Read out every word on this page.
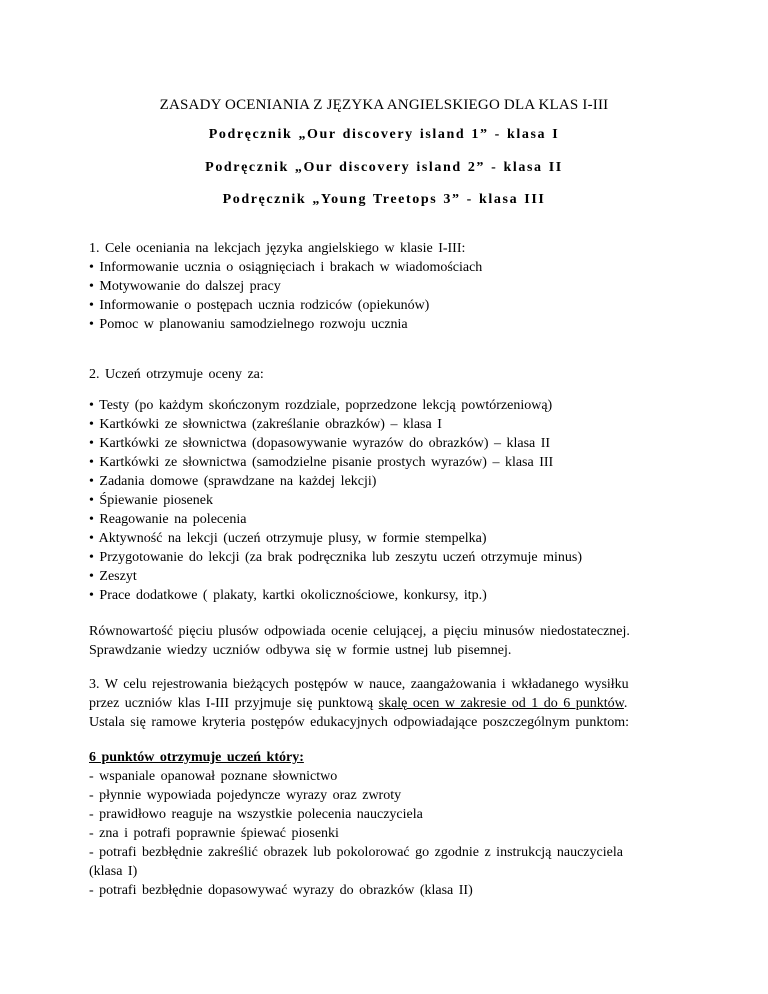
ZASADY OCENIANIA Z JĘZYKA ANGIELSKIEGO DLA KLAS I-III
Podręcznik „Our discovery island 1” - klasa I
Podręcznik „Our discovery island 2” - klasa II
Podręcznik „Young Treetops 3” - klasa III
1. Cele oceniania na lekcjach języka angielskiego w klasie I-III:
• Informowanie ucznia o osiągnięciach i brakach w wiadomościach
• Motywowanie do dalszej pracy
• Informowanie o postępach ucznia rodziców (opiekunów)
• Pomoc w planowaniu samodzielnego rozwoju ucznia
2. Uczeń otrzymuje oceny za:
• Testy (po każdym skończonym rozdziale, poprzedzone lekcją powtórzeniową)
• Kartkówki ze słownictwa (zakreślanie obrazków) – klasa I
• Kartkówki ze słownictwa (dopasowywanie wyrazów do obrazków) – klasa II
• Kartkówki ze słownictwa (samodzielne pisanie prostych wyrazów) – klasa III
• Zadania domowe (sprawdzane na każdej lekcji)
• Śpiewanie piosenek
• Reagowanie na polecenia
• Aktywność na lekcji (uczeń otrzymuje plusy, w formie stempelka)
• Przygotowanie do lekcji (za brak podręcznika lub zeszytu uczeń otrzymuje minus)
• Zeszyt
• Prace dodatkowe ( plakaty, kartki okolicznościowe, konkursy, itp.)
Równowartość pięciu plusów odpowiada ocenie celującej, a pięciu minusów niedostatecznej.
Sprawdzanie wiedzy uczniów odbywa się w formie ustnej lub pisemnej.
3. W celu rejestrowania bieżących postępów w nauce, zaangażowania i wkładanego wysiłku
przez uczniów klas I-III przyjmuje się punktową skalę ocen w zakresie od 1 do 6 punktów.
Ustala się ramowe kryteria postępów edukacyjnych odpowiadające poszczególnym punktom:
6 punktów otrzymuje uczeń który:
- wspaniale opanował poznane słownictwo
- płynnie wypowiada pojedyncze wyrazy oraz zwroty
- prawidłowo reaguje na wszystkie polecenia nauczyciela
- zna i potrafi poprawnie śpiewać piosenki
- potrafi bezbłędnie zakreślić obrazek lub pokolorować go zgodnie z instrukcją nauczyciela
(klasa I)
- potrafi bezbłędnie dopasowywać wyrazy do obrazków (klasa II)
